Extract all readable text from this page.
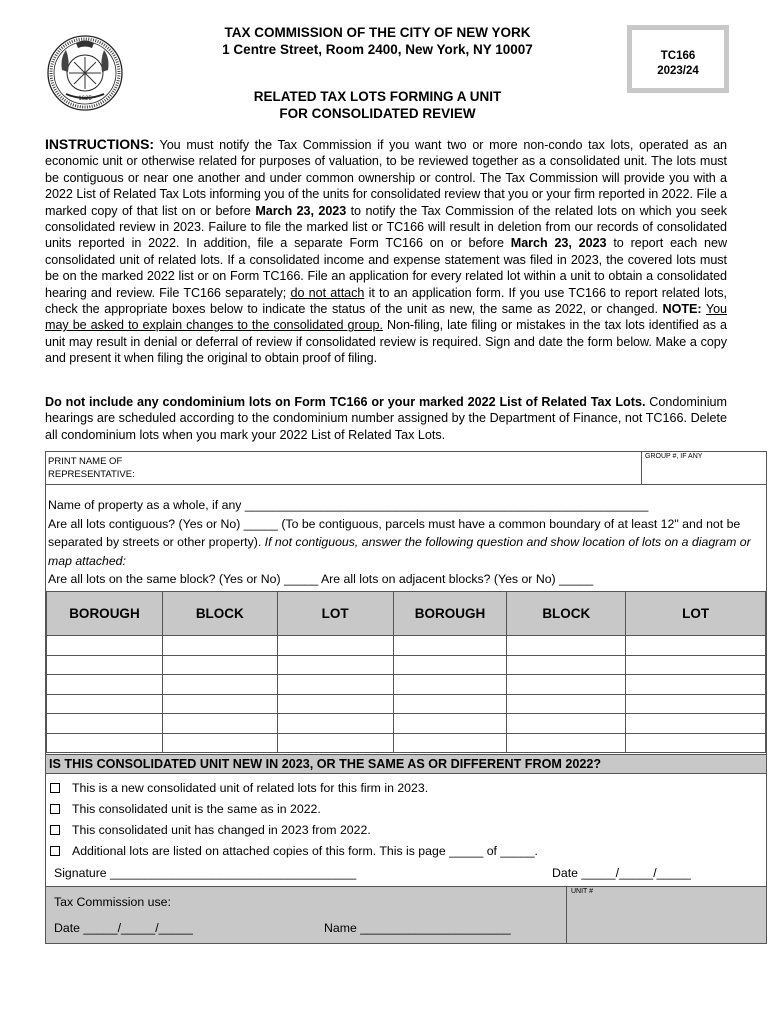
1625
TAX COMMISSION OF THE CITY OF NEW YORK
1 Centre Street, Room 2400, New York, NY 10007
RELATED TAX LOTS FORMING A UNIT
FOR CONSOLIDATED REVIEW
TC166
2023/24
INSTRUCTIONS: You must notify the Tax Commission if you want two or more non-condo tax lots, operated as an economic unit or otherwise related for purposes of valuation, to be reviewed together as a consolidated unit. The lots must be contiguous or near one another and under common ownership or control. The Tax Commission will provide you with a 2022 List of Related Tax Lots informing you of the units for consolidated review that you or your firm reported in 2022. File a marked copy of that list on or before March 23, 2023 to notify the Tax Commission of the related lots on which you seek consolidated review in 2023. Failure to file the marked list or TC166 will result in deletion from our records of consolidated units reported in 2022. In addition, file a separate Form TC166 on or before March 23, 2023 to report each new consolidated unit of related lots. If a consolidated income and expense statement was filed in 2023, the covered lots must be on the marked 2022 list or on Form TC166. File an application for every related lot within a unit to obtain a consolidated hearing and review. File TC166 separately; do not attach it to an application form. If you use TC166 to report related lots, check the appropriate boxes below to indicate the status of the unit as new, the same as 2022, or changed. NOTE: You may be asked to explain changes to the consolidated group. Non-filing, late filing or mistakes in the tax lots identified as a unit may result in denial or deferral of review if consolidated review is required. Sign and date the form below. Make a copy and present it when filing the original to obtain proof of filing.
Do not include any condominium lots on Form TC166 or your marked 2022 List of Related Tax Lots. Condominium hearings are scheduled according to the condominium number assigned by the Department of Finance, not TC166. Delete all condominium lots when you mark your 2022 List of Related Tax Lots.
PRINT NAME OF
REPRESENTATIVE:
GROUP #, IF ANY
Name of property as a whole, if any ___________________________________________________________
Are all lots contiguous? (Yes or No) _____ (To be contiguous, parcels must have a common boundary of at least 12" and not be separated by streets or other property). If not contiguous, answer the following question and show location of lots on a diagram or map attached:
Are all lots on the same block? (Yes or No) _____ Are all lots on adjacent blocks? (Yes or No) _____
BOROUGH	BLOCK	LOT	BOROUGH	BLOCK	LOT

IS THIS CONSOLIDATED UNIT NEW IN 2023, OR THE SAME AS OR DIFFERENT FROM 2022?
This is a new consolidated unit of related lots for this firm in 2023.
This consolidated unit is the same as in 2022.
This consolidated unit has changed in 2023 from 2022.
Additional lots are listed on attached copies of this form. This is page _____ of _____.
Signature ____________________________________	Date _____/_____/_____
Tax Commission use:
Date _____/_____/_____	Name ______________________
UNIT #
